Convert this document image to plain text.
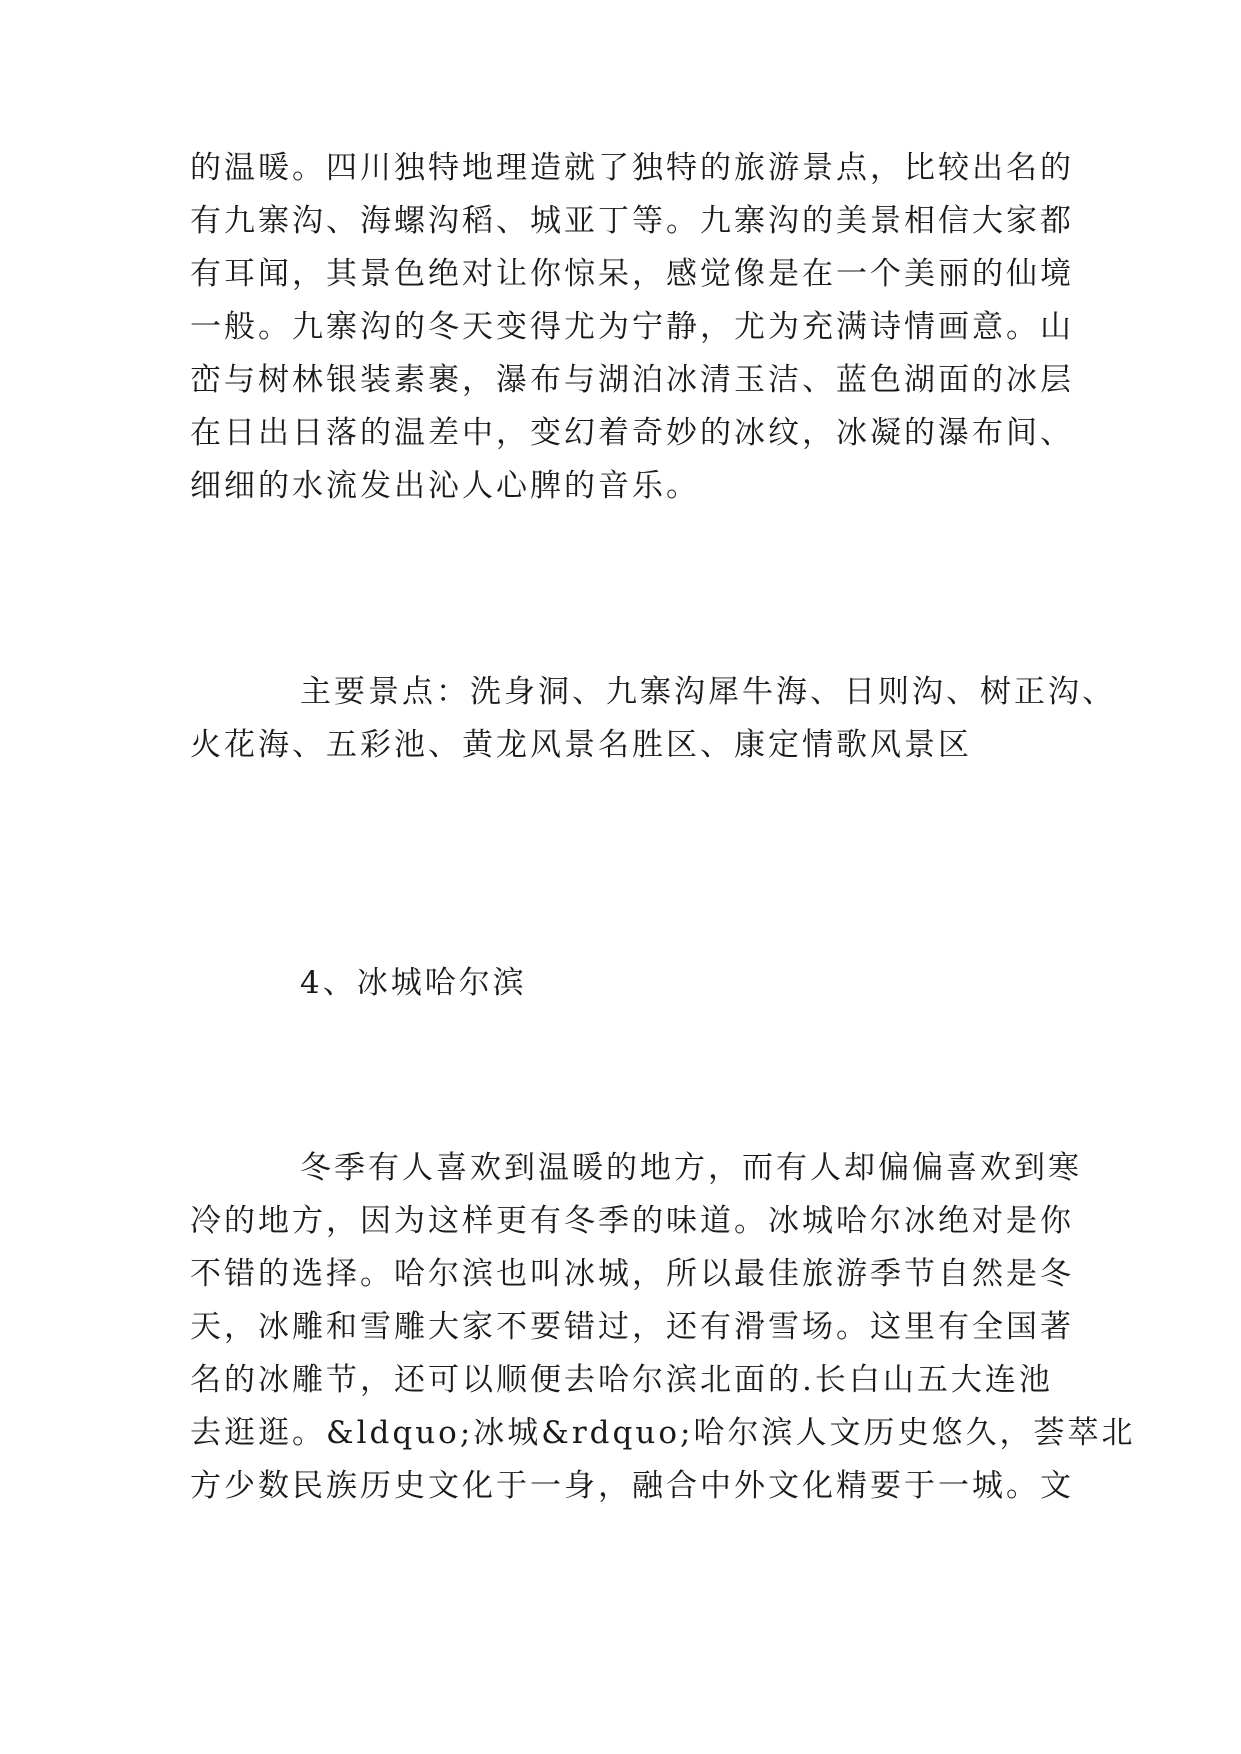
的温暖。四川独特地理造就了独特的旅游景点，比较出名的
有九寨沟、海螺沟稻、城亚丁等。九寨沟的美景相信大家都
有耳闻，其景色绝对让你惊呆，感觉像是在一个美丽的仙境
一般。九寨沟的冬天变得尤为宁静，尤为充满诗情画意。山
峦与树林银装素裹，瀑布与湖泊冰清玉洁、蓝色湖面的冰层
在日出日落的温差中，变幻着奇妙的冰纹，冰凝的瀑布间、
细细的水流发出沁人心脾的音乐。
主要景点：洗身洞、九寨沟犀牛海、日则沟、树正沟、
火花海、五彩池、黄龙风景名胜区、康定情歌风景区
4、冰城哈尔滨
冬季有人喜欢到温暖的地方，而有人却偏偏喜欢到寒
冷的地方，因为这样更有冬季的味道。冰城哈尔冰绝对是你
不错的选择。哈尔滨也叫冰城，所以最佳旅游季节自然是冬
天，冰雕和雪雕大家不要错过，还有滑雪场。这里有全国著
名的冰雕节，还可以顺便去哈尔滨北面的.长白山五大连池
去逛逛。&ldquo;冰城&rdquo;哈尔滨人文历史悠久，荟萃北
方少数民族历史文化于一身，融合中外文化精要于一城。文
